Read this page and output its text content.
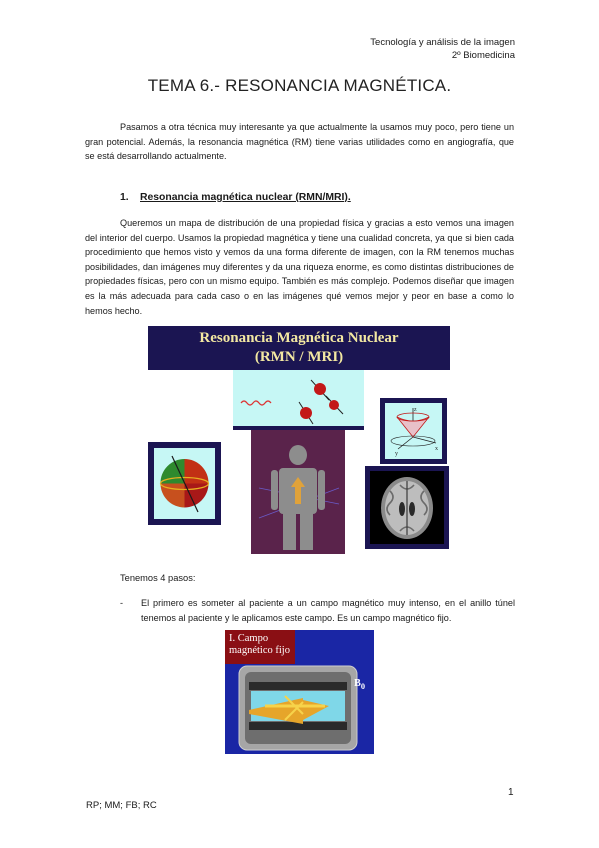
Tecnología y análisis de la imagen
2º Biomedicina
TEMA 6.- RESONANCIA MAGNÉTICA.
Pasamos a otra técnica muy interesante ya que actualmente la usamos muy poco, pero tiene un gran potencial. Además, la resonancia magnética (RM) tiene varias utilidades como en angiografía, que se está desarrollando actualmente.
1. Resonancia magnética nuclear (RMN/MRI).
Queremos un mapa de distribución de una propiedad física y gracias a esto vemos una imagen del interior del cuerpo. Usamos la propiedad magnética y tiene una cualidad concreta, ya que si bien cada procedimiento que hemos visto y vemos da una forma diferente de imagen, con la RM tenemos muchas posibilidades, dan imágenes muy diferentes y da una riqueza enorme, es como distintas distribuciones de propiedades físicas, pero con un mismo equipo. También es más complejo. Podemos diseñar que imagen es la más adecuada para cada caso o en las imágenes qué vemos mejor y peor en base a como lo hemos hecho.
Resonancia Magnética Nuclear
(RMN / MRI)
z
x
y
Tenemos 4 pasos:
- El primero es someter al paciente a un campo magnético muy intenso, en el anillo túnel tenemos al paciente y le aplicamos este campo. Es un campo magnético fijo.
I. Campo
magnético fijo
$B_0$
1
RP; MM; FB; RC
